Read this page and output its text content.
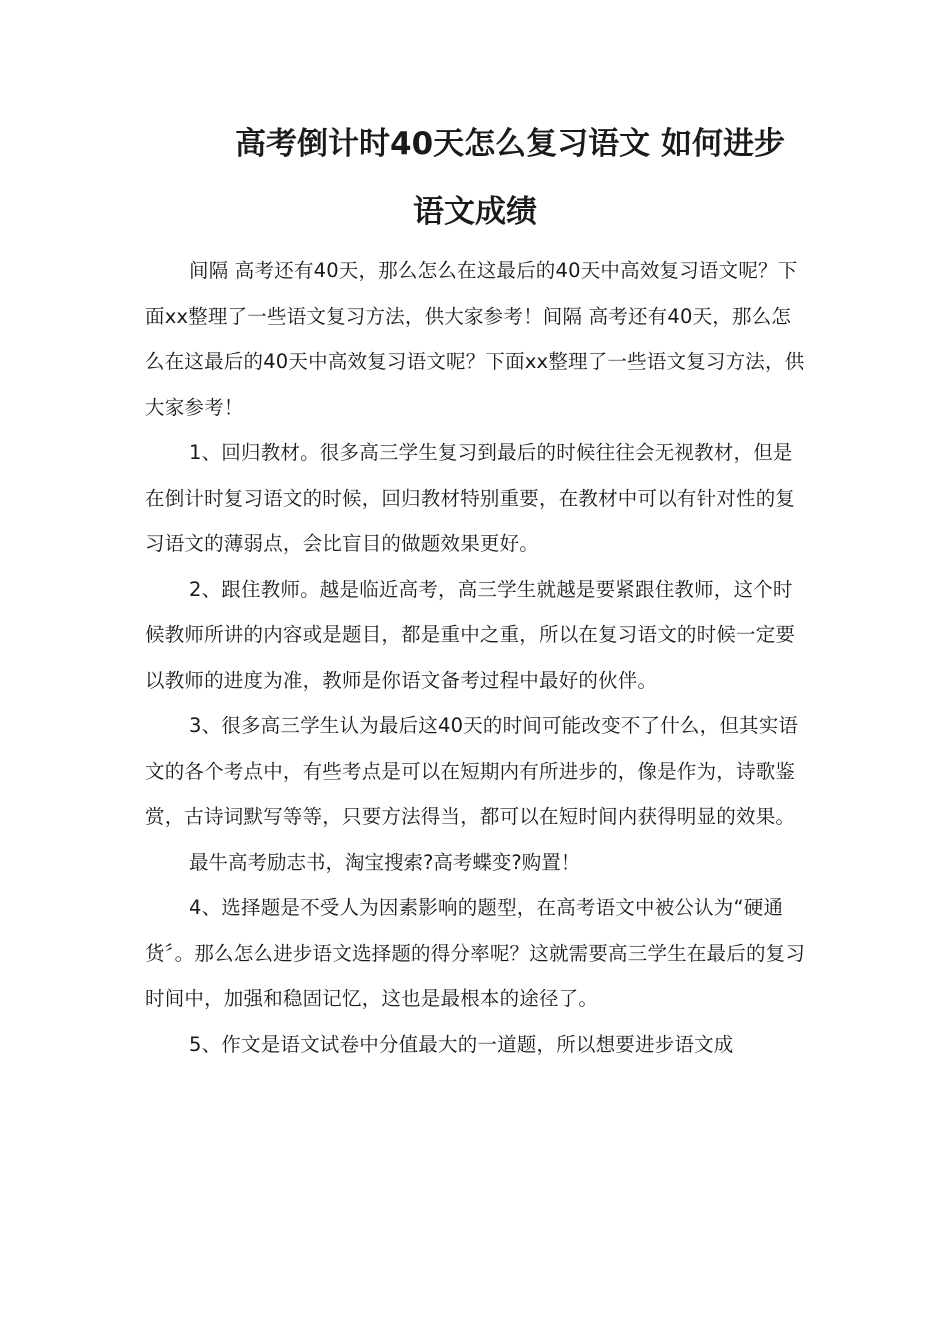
高考倒计时40天怎么复习语文 如何进步
语文成绩

间隔 高考还有40天，那么怎么在这最后的40天中高效复习语文呢？下面xx整理了一些语文复习方法，供大家参考！间隔 高考还有40天，那么怎么在这最后的40天中高效复习语文呢？下面xx整理了一些语文复习方法，供大家参考！

1、回归教材。很多高三学生复习到最后的时候往往会无视教材，但是在倒计时复习语文的时候，回归教材特别重要，在教材中可以有针对性的复习语文的薄弱点，会比盲目的做题效果更好。

2、跟住教师。越是临近高考，高三学生就越是要紧跟住教师，这个时候教师所讲的内容或是题目，都是重中之重，所以在复习语文的时候一定要以教师的进度为准，教师是你语文备考过程中最好的伙伴。

3、很多高三学生认为最后这40天的时间可能改变不了什么，但其实语文的各个考点中，有些考点是可以在短期内有所进步的，像是作为，诗歌鉴赏，古诗词默写等等，只要方法得当，都可以在短时间内获得明显的效果。

最牛高考励志书，淘宝搜索?高考蝶变?购置！

4、选择题是不受人为因素影响的题型，在高考语文中被公认为“硬通货〞。那么怎么进步语文选择题的得分率呢？这就需要高三学生在最后的复习时间中，加强和稳固记忆，这也是最根本的途径了。

5、作文是语文试卷中分值最大的一道题，所以想要进步语文成
